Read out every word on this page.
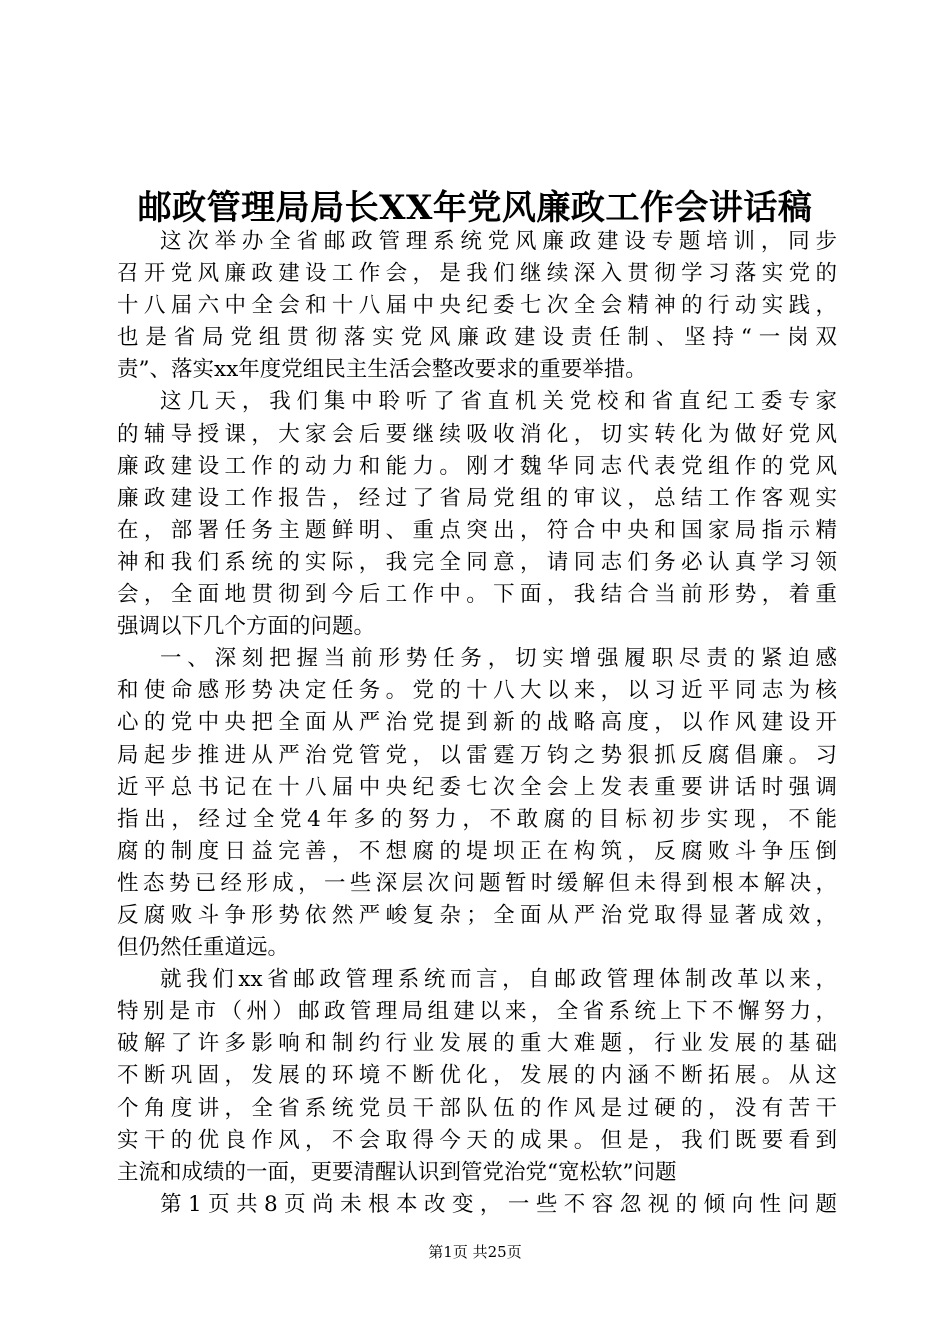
邮政管理局局长XX年党风廉政工作会讲话稿
这次举办全省邮政管理系统党风廉政建设专题培训，同步
召开党风廉政建设工作会，是我们继续深入贯彻学习落实党的
十八届六中全会和十八届中央纪委七次全会精神的行动实践，
也是省局党组贯彻落实党风廉政建设责任制、坚持“一岗双
责”、落实xx年度党组民主生活会整改要求的重要举措。
这几天，我们集中聆听了省直机关党校和省直纪工委专家
的辅导授课，大家会后要继续吸收消化，切实转化为做好党风
廉政建设工作的动力和能力。刚才魏华同志代表党组作的党风
廉政建设工作报告，经过了省局党组的审议，总结工作客观实
在，部署任务主题鲜明、重点突出，符合中央和国家局指示精
神和我们系统的实际，我完全同意，请同志们务必认真学习领
会，全面地贯彻到今后工作中。下面，我结合当前形势，着重
强调以下几个方面的问题。
一、深刻把握当前形势任务，切实增强履职尽责的紧迫感
和使命感形势决定任务。党的十八大以来，以习近平同志为核
心的党中央把全面从严治党提到新的战略高度，以作风建设开
局起步推进从严治党管党，以雷霆万钧之势狠抓反腐倡廉。习
近平总书记在十八届中央纪委七次全会上发表重要讲话时强调
指出，经过全党4年多的努力，不敢腐的目标初步实现，不能
腐的制度日益完善，不想腐的堤坝正在构筑，反腐败斗争压倒
性态势已经形成，一些深层次问题暂时缓解但未得到根本解决，
反腐败斗争形势依然严峻复杂；全面从严治党取得显著成效，
但仍然任重道远。
就我们xx省邮政管理系统而言，自邮政管理体制改革以来，
特别是市（州）邮政管理局组建以来，全省系统上下不懈努力，
破解了许多影响和制约行业发展的重大难题，行业发展的基础
不断巩固，发展的环境不断优化，发展的内涵不断拓展。从这
个角度讲，全省系统党员干部队伍的作风是过硬的，没有苦干
实干的优良作风，不会取得今天的成果。但是，我们既要看到
主流和成绩的一面，更要清醒认识到管党治党“宽松软”问题
第1页共8页尚未根本改变，一些不容忽视的倾向性问题
第1页 共25页
